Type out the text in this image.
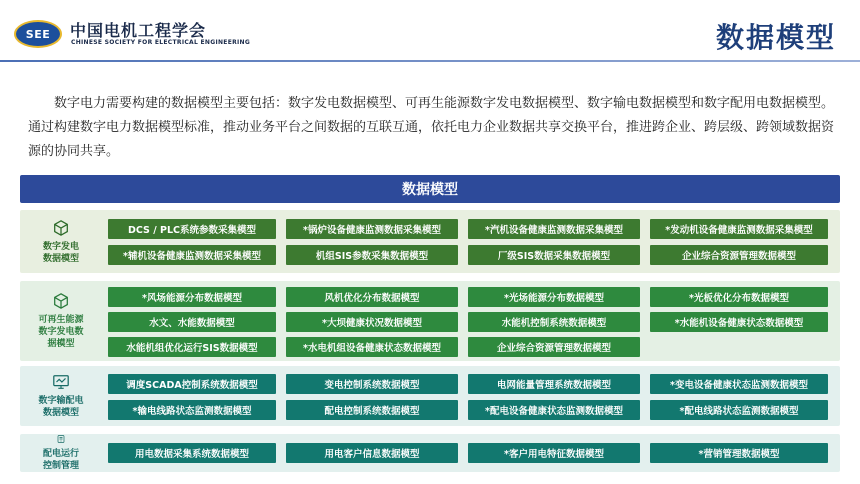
SEE 中国电机工程学会
CHINESE SOCIETY FOR ELECTRICAL ENGINEERING	数据模型
数字电力需要构建的数据模型主要包括：数字发电数据模型、可再生能源数字发电数据模型、数字输电数据模型和数字配用电数据模型。通过构建数字电力数据模型标准，推动业务平台之间数据的互联互通，依托电力企业数据共享交换平台，推进跨企业、跨层级、跨领域数据资源的协同共享。
数据模型
数字发电
数据模型
DCS / PLC系统参数采集模型	*锅炉设备健康监测数据采集模型	*汽机设备健康监测数据采集模型	*发动机设备健康监测数据采集模型
*辅机设备健康监测数据采集模型	机组SIS参数采集数据模型	厂级SIS数据采集数据模型	企业综合资源管理数据模型
可再生能源
数字发电数
据模型
*风场能源分布数据模型	风机优化分布数据模型	*光场能源分布数据模型	*光板优化分布数据模型
水文、水能数据模型	*大坝健康状况数据模型	水能机控制系统数据模型	*水能机设备健康状态数据模型
水能机组优化运行SIS数据模型	*水电机组设备健康状态数据模型	企业综合资源管理数据模型
数字输配电
数据模型
调度SCADA控制系统数据模型	变电控制系统数据模型	电网能量管理系统数据模型	*变电设备健康状态监测数据模型
*输电线路状态监测数据模型	配电控制系统数据模型	*配电设备健康状态监测数据模型	*配电线路状态监测数据模型
配电运行
控制管理
用电数据采集系统数据模型	用电客户信息数据模型	*客户用电特征数据模型	*营销管理数据模型
